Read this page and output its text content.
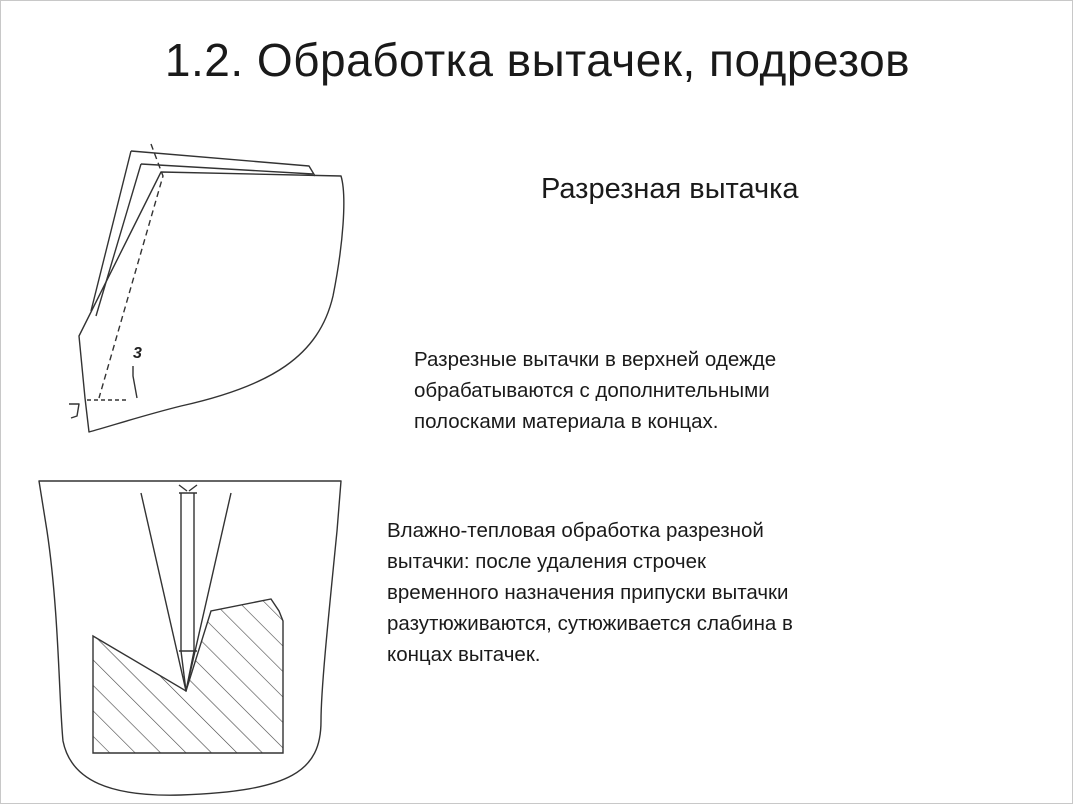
1.2. Обработка вытачек, подрезов
Разрезная вытачка

Разрезные вытачки в верхней одежде
обрабатываются с дополнительными
полосками материала в концах.

Влажно-тепловая обработка разрезной
вытачки: после удаления строчек
временного назначения припуски вытачки
разутюживаются, сутюживается слабина в
концах вытачек.

3
